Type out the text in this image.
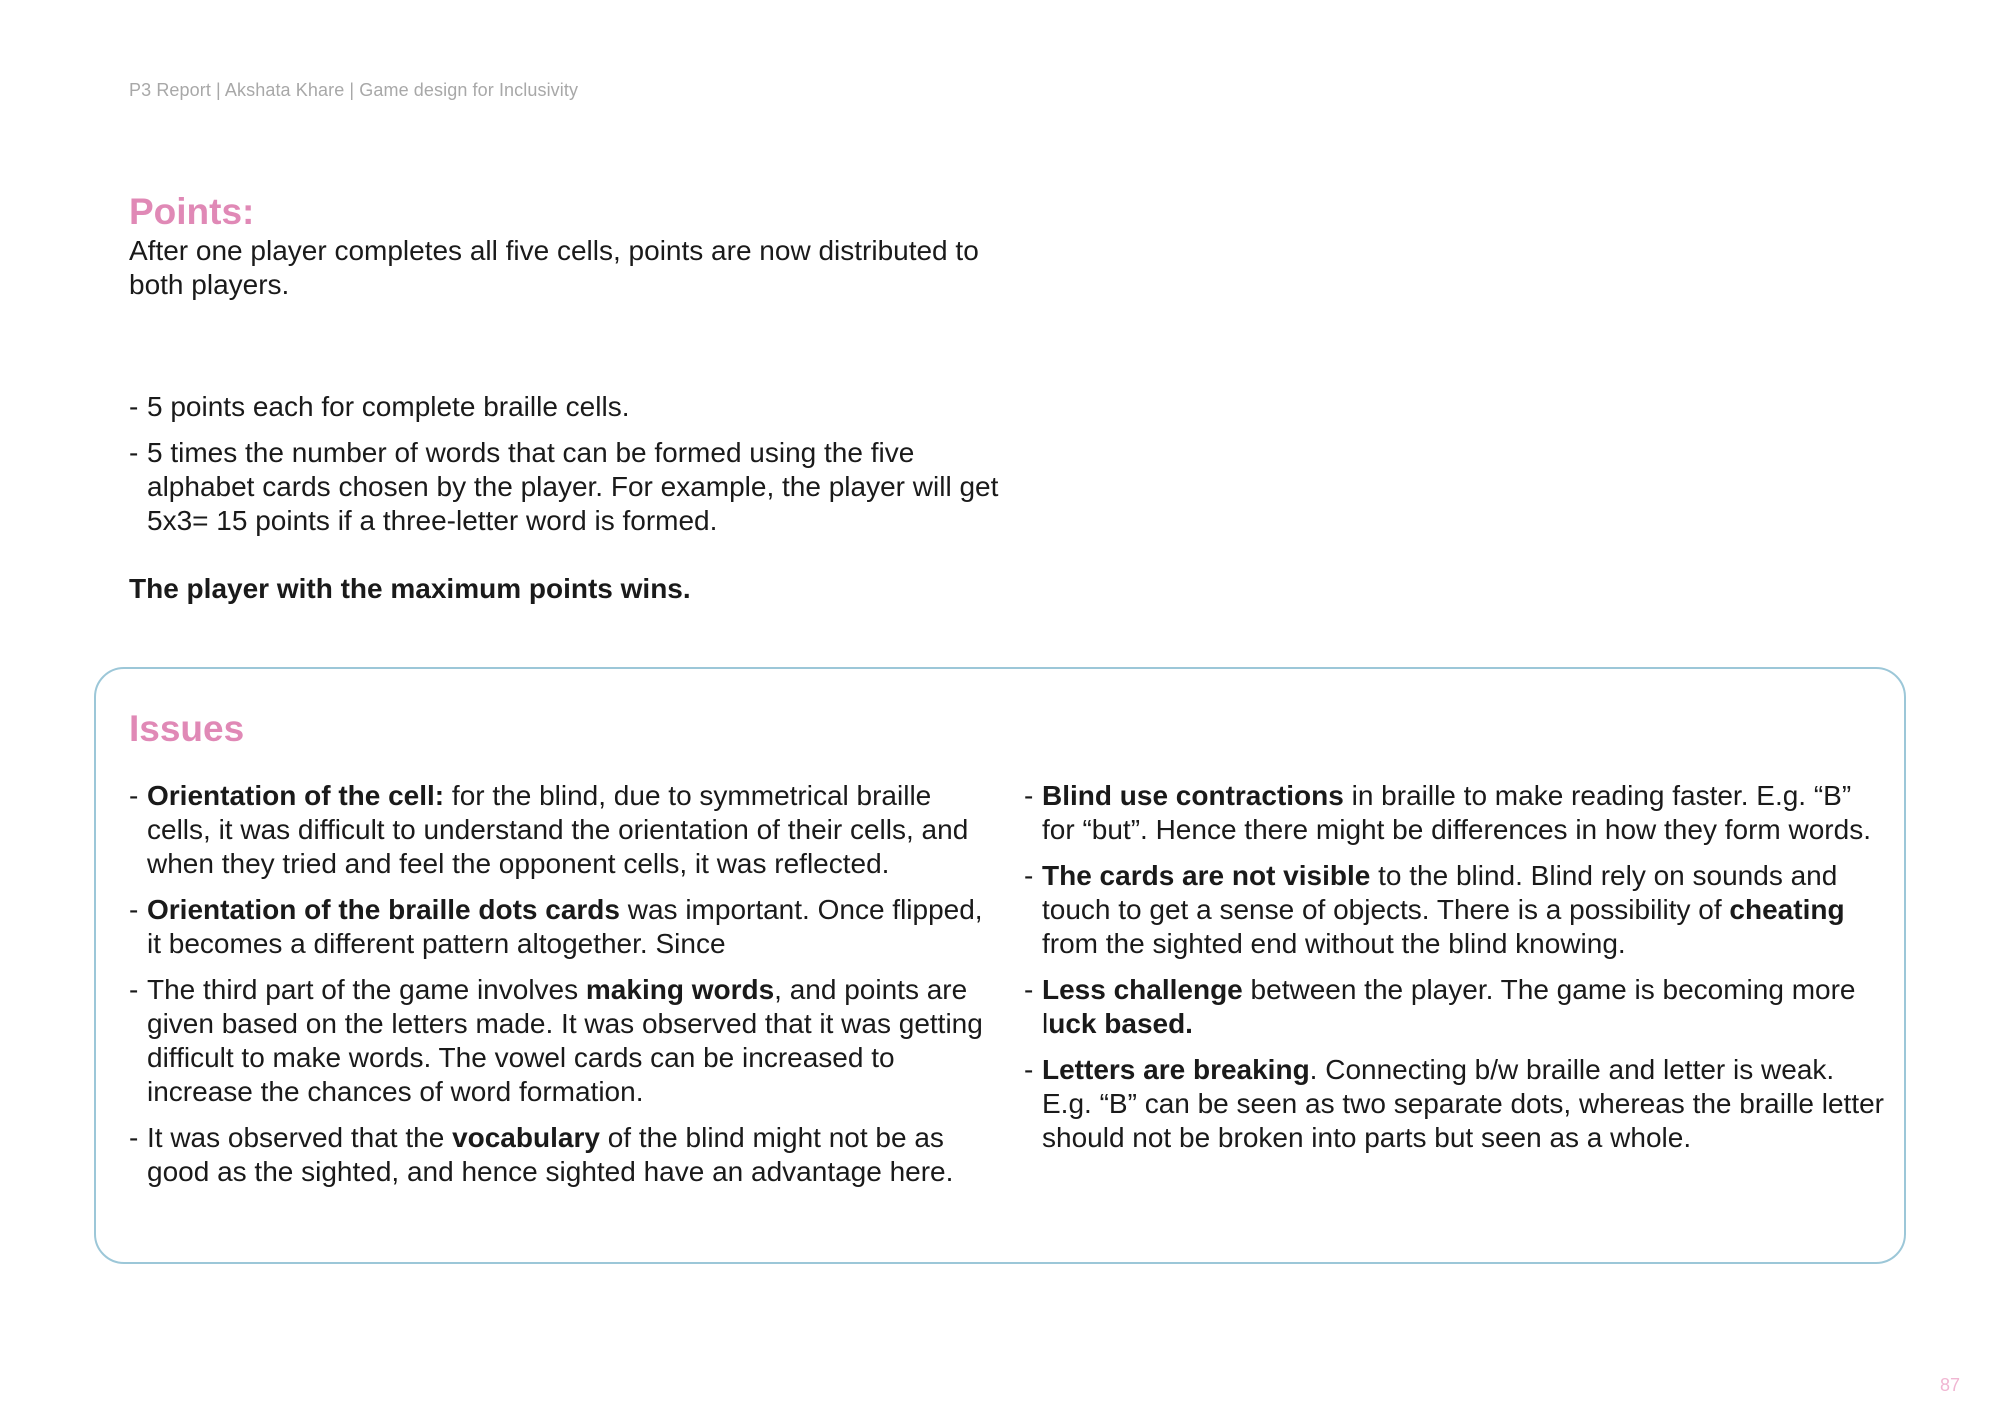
P3 Report | Akshata Khare | Game design for Inclusivity
Points:

After one player completes all five cells, points are now distributed to both players.

- 5 points each for complete braille cells.
- 5 times the number of words that can be formed using the five alphabet cards chosen by the player. For example, the player will get 5x3= 15 points if a three-letter word is formed.
The player with the maximum points wins.
Issues
- Orientation of the cell: for the blind, due to symmetrical braille cells, it was difficult to understand the orientation of their cells, and when they tried and feel the opponent cells, it was reflected.
- Orientation of the braille dots cards was important. Once flipped, it becomes a different pattern altogether. Since
- The third part of the game involves making words, and points are given based on the letters made. It was observed that it was getting difficult to make words. The vowel cards can be increased to increase the chances of word formation.
- It was observed that the vocabulary of the blind might not be as good as the sighted, and hence sighted have an advantage here.
- Blind use contractions in braille to make reading faster. E.g. “B” for “but”. Hence there might be differences in how they form words.
- The cards are not visible to the blind. Blind rely on sounds and touch to get a sense of objects. There is a possibility of cheating from the sighted end without the blind knowing.
- Less challenge between the player. The game is becoming more luck based.
- Letters are breaking. Connecting b/w braille and letter is weak. E.g. “B” can be seen as two separate dots, whereas the braille letter should not be broken into parts but seen as a whole.
87
